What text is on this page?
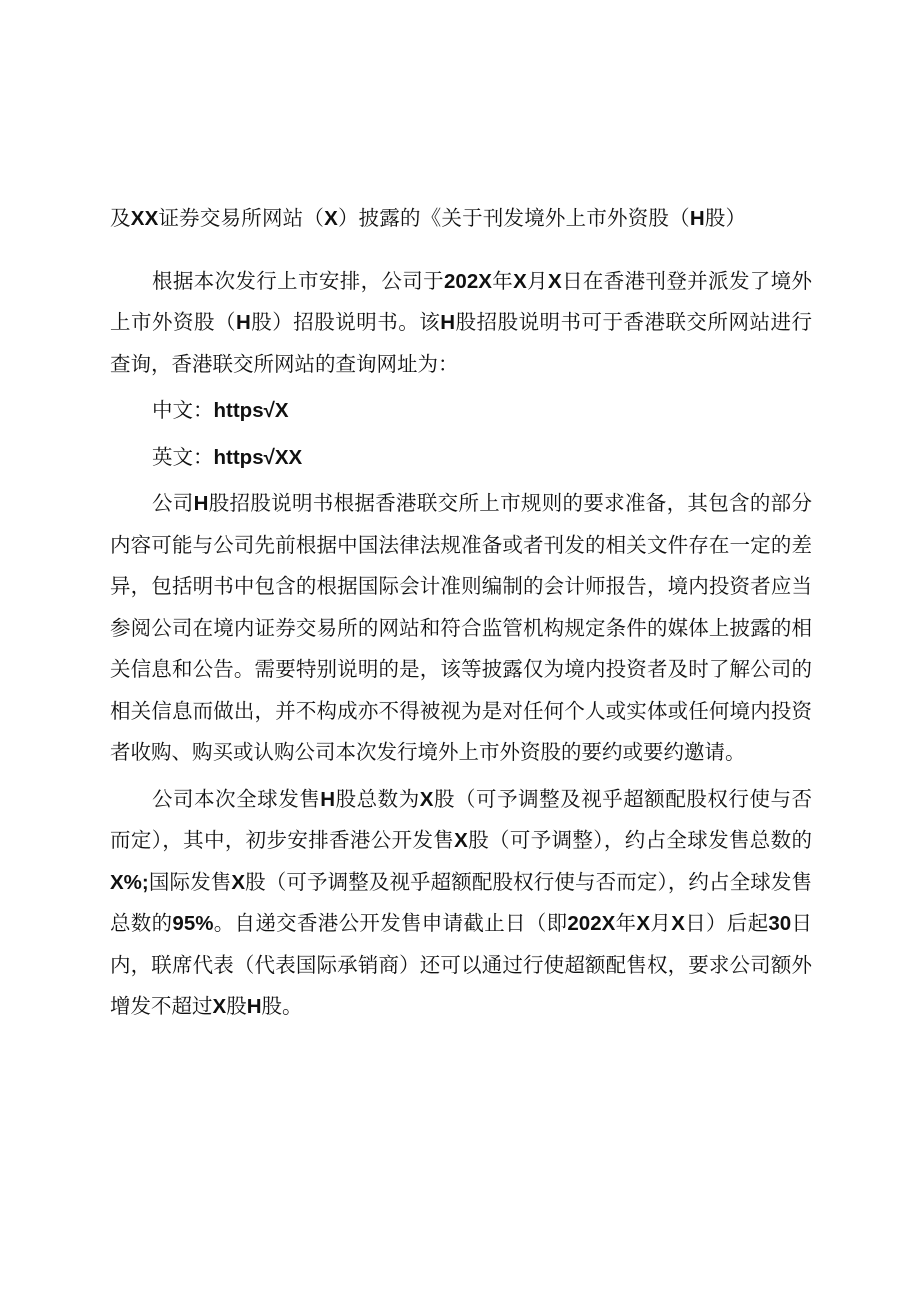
及XX证券交易所网站（X）披露的《关于刊发境外上市外资股（H股）

根据本次发行上市安排，公司于202X年X月X日在香港刊登并派发了境外上市外资股（H股）招股说明书。该H股招股说明书可于香港联交所网站进行查询，香港联交所网站的查询网址为：

中文：https√X

英文：https√XX

公司H股招股说明书根据香港联交所上市规则的要求准备，其包含的部分内容可能与公司先前根据中国法律法规准备或者刊发的相关文件存在一定的差异，包括明书中包含的根据国际会计准则编制的会计师报告，境内投资者应当参阅公司在境内证券交易所的网站和符合监管机构规定条件的媒体上披露的相关信息和公告。需要特别说明的是，该等披露仅为境内投资者及时了解公司的相关信息而做出，并不构成亦不得被视为是对任何个人或实体或任何境内投资者收购、购买或认购公司本次发行境外上市外资股的要约或要约邀请。

公司本次全球发售H股总数为X股（可予调整及视乎超额配股权行使与否而定），其中，初步安排香港公开发售X股（可予调整），约占全球发售总数的X%;国际发售X股（可予调整及视乎超额配股权行使与否而定），约占全球发售总数的95%。自递交香港公开发售申请截止日（即202X年X月X日）后起30日内，联席代表（代表国际承销商）还可以通过行使超额配售权，要求公司额外增发不超过X股H股。
